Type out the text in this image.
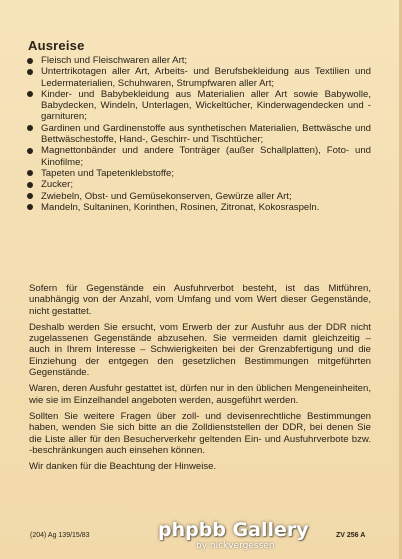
Ausreise
Fleisch und Fleischwaren aller Art;
Untertrikotagen aller Art, Arbeits- und Berufsbekleidung aus Textilien und Ledermaterialien, Schuhwaren, Strumpfwaren aller Art;
Kinder- und Babybekleidung aus Materialien aller Art sowie Babywolle, Babydecken, Windeln, Unterlagen, Wickeltücher, Kinderwagendecken und -garnituren;
Gardinen und Gardinenstoffe aus synthetischen Materialien, Bettwäsche und Bettwäschestoffe, Hand-, Geschirr- und Tischtücher;
Magnettonbänder und andere Tonträger (außer Schallplatten), Foto- und Kinofilme;
Tapeten und Tapetenklebstoffe;
Zucker;
Zwiebeln, Obst- und Gemüsekonserven, Gewürze aller Art;
Mandeln, Sultaninen, Korinthen, Rosinen, Zitronat, Kokosraspeln.

Sofern für Gegenstände ein Ausfuhrverbot besteht, ist das Mitführen, unabhängig von der Anzahl, vom Umfang und vom Wert dieser Gegenstände, nicht gestattet.

Deshalb werden Sie ersucht, vom Erwerb der zur Ausfuhr aus der DDR nicht zugelassenen Gegenstände abzusehen. Sie vermeiden damit gleichzeitig – auch in Ihrem Interesse – Schwierigkeiten bei der Grenzabfertigung und die Einziehung der entgegen den gesetzlichen Bestimmungen mitgeführten Gegenstände.

Waren, deren Ausfuhr gestattet ist, dürfen nur in den üblichen Mengeneinheiten, wie sie im Einzelhandel angeboten werden, ausgeführt werden.

Sollten Sie weitere Fragen über zoll- und devisenrechtliche Bestimmungen haben, wenden Sie sich bitte an die Zolldienststellen der DDR, bei denen Sie die Liste aller für den Besucherverkehr geltenden Ein- und Ausfuhrverbote bzw. -beschränkungen auch einsehen können.

Wir danken für die Beachtung der Hinweise.

(204) Ag 139/15/83	ZV 256 A
phpbb Gallery
by nickvergessen
